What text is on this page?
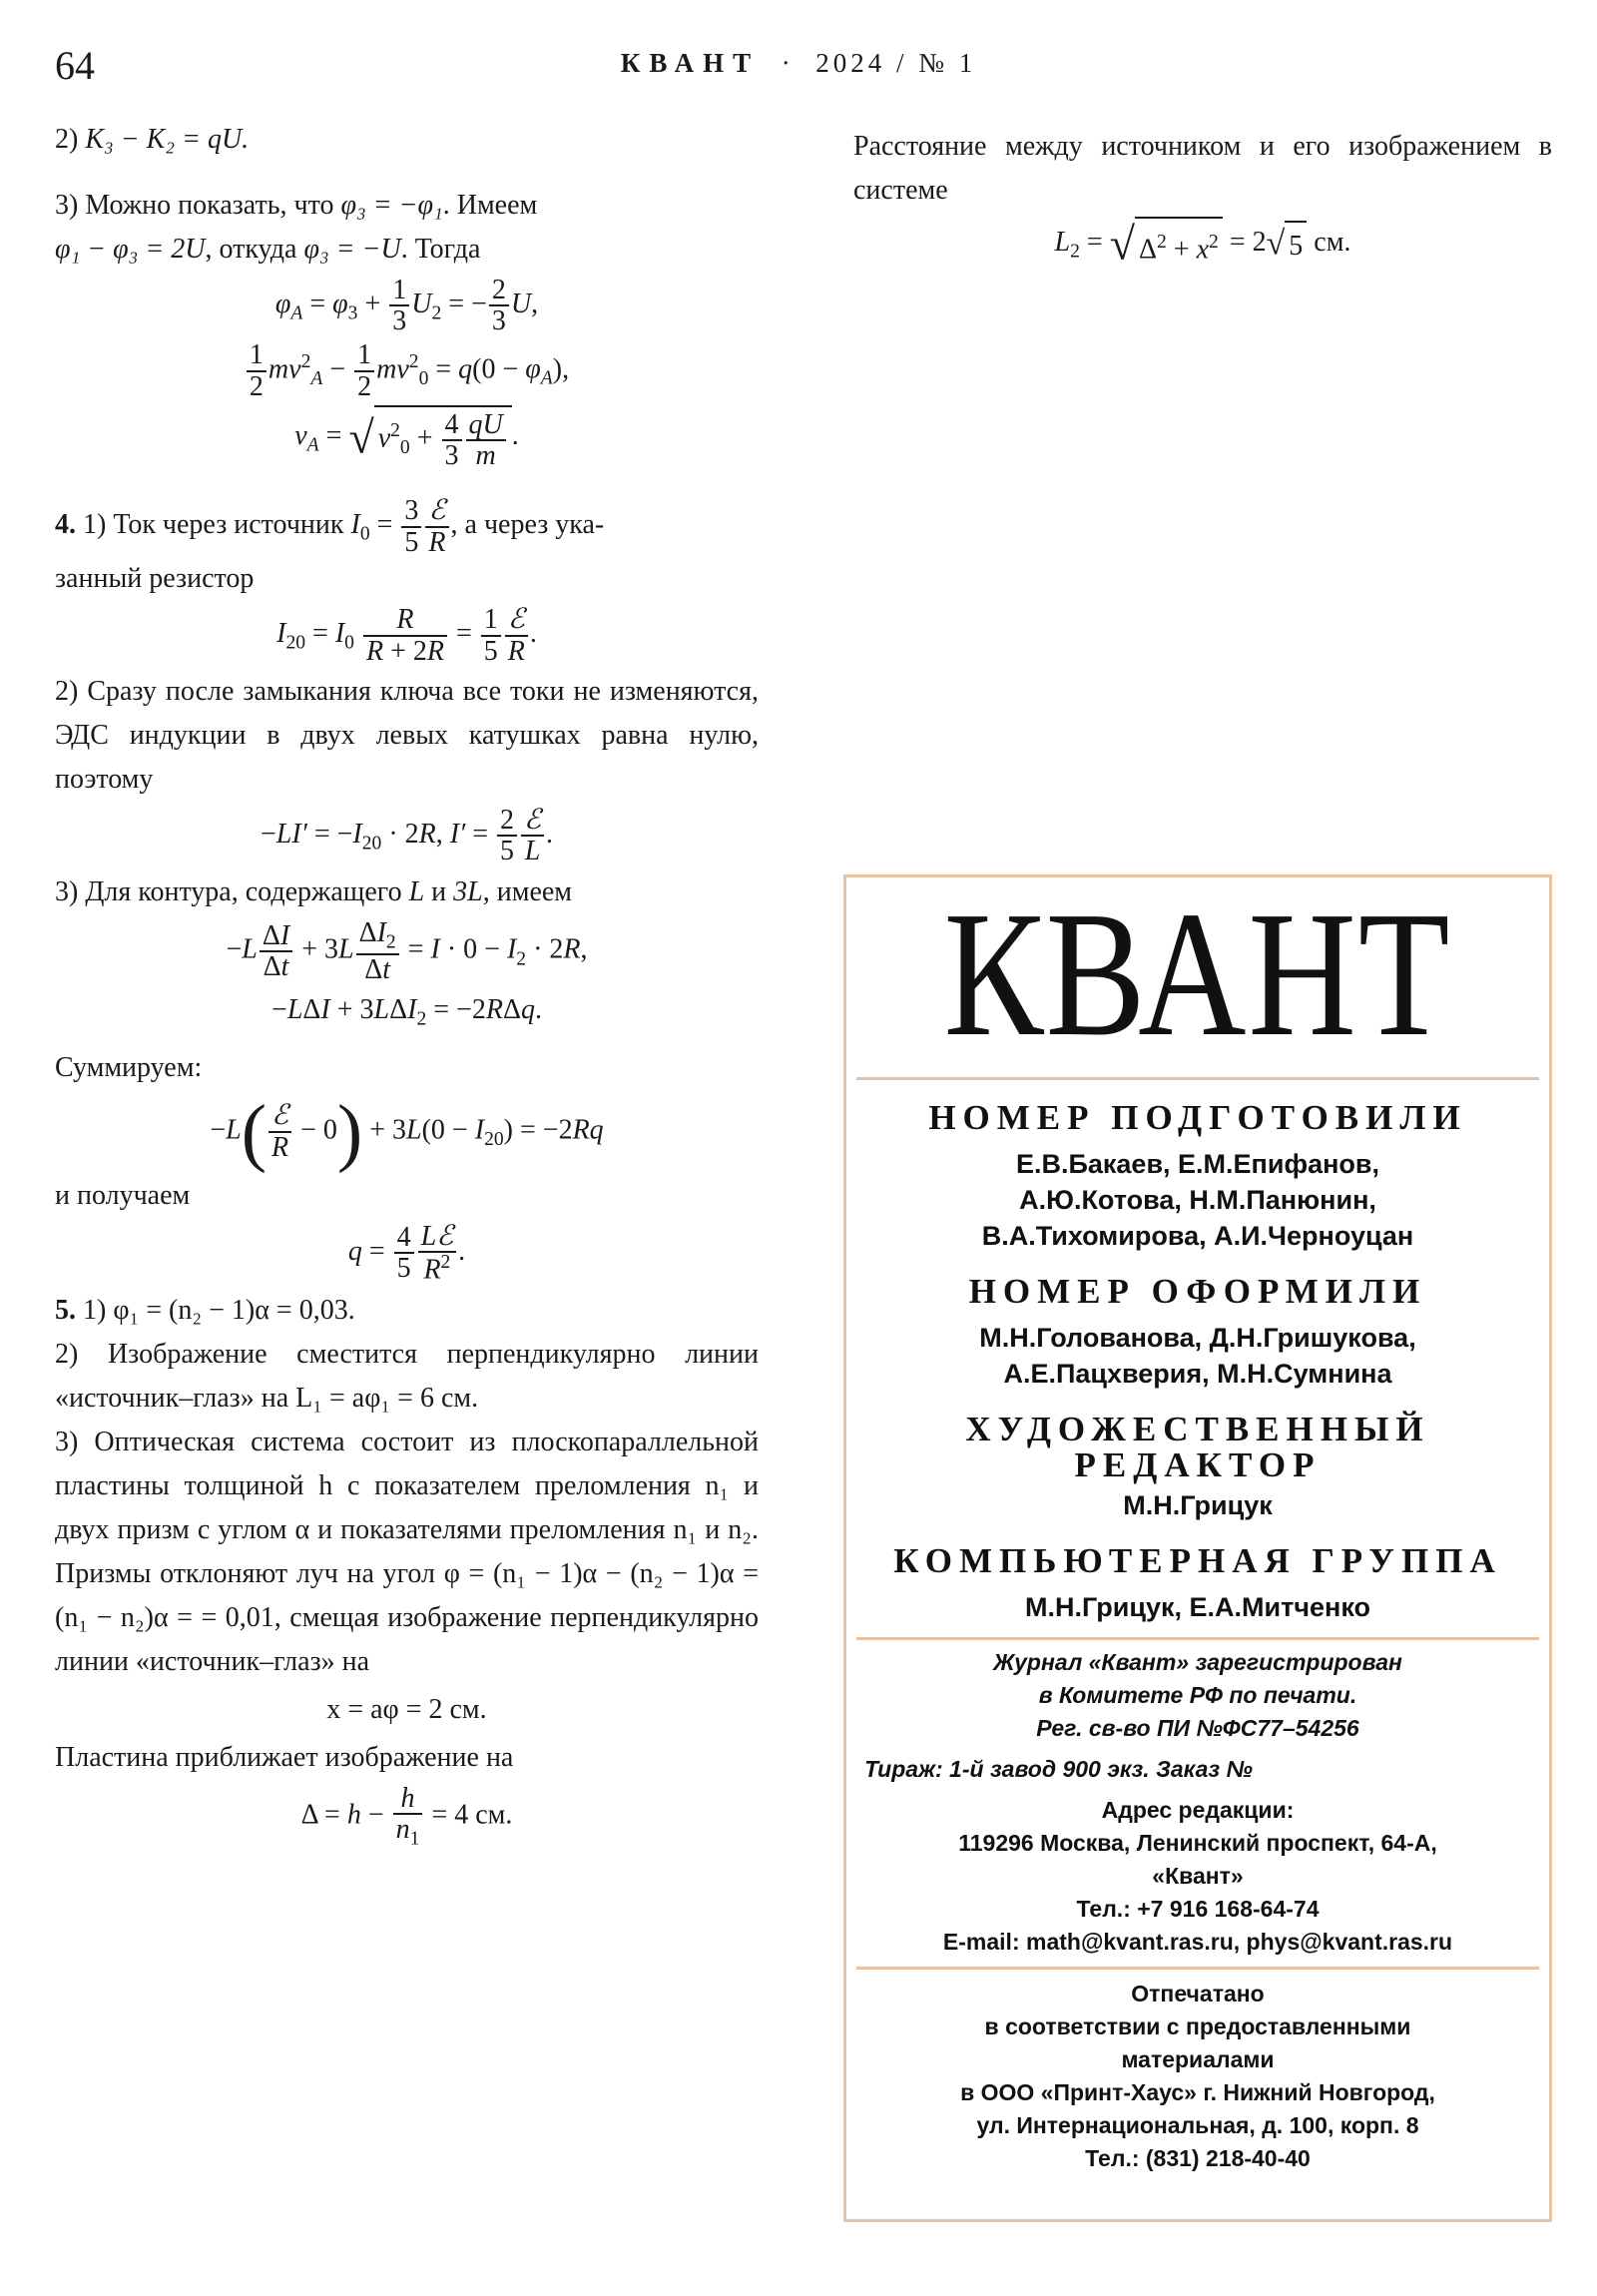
64	КВАНТ · 2024 / № 1

2) K₃ − K₂ = qU.

3) Можно показать, что φ₃ = −φ₁. Имеем
φ₁ − φ₃ = 2U, откуда φ₃ = −U. Тогда

$\varphi_A = \varphi_3 + \frac{1}{3} U_2$ = − $\frac{2}{3} U$,
$\frac{1}{2} mv^2_A - \frac{1}{2} mv^2_0 = q(0 - \varphi_A)$,
$v_A$ = √ $v^2_0 + \frac{4}{3} \frac{qU}{m}$ .

4. 1) Ток через источник $I_0 = \frac{3}{5} \frac{\text{ℰ}}{R}$ , а через ука-
занный резистор

$I_{20} = I_0 \frac{R}{R + 2R} = \frac{1}{5} \frac{\text{ℰ}}{R}$ .

2) Сразу после замыкания ключа все токи не изменяются, ЭДС индукции в двух левых катушках равна нулю, поэтому

$-LI' = -I_{20} \cdot 2R$, $I' = \frac{2}{5} \frac{\text{ℰ}}{L}$ .

3) Для контура, содержащего L и 3L, имеем

$-L \frac{\Delta I}{\Delta t} + 3L \frac{\Delta I_2}{\Delta t} = I \cdot 0 - I_2 \cdot 2R$,
$-L\Delta I + 3L\Delta I_2 = -2R\Delta q$.

Суммируем:

$-L( \frac{\text{ℰ}}{R} - 0) + 3L(0 - I_{20}) = -2Rq$

и получаем

$q = \frac{4}{5} \frac{\text{Lℰ}}{R^2}$ .

5. 1) φ₁ = (n₂ − 1)α = 0,03.

2) Изображение сместится перпендикулярно линии «источник–глаз» на L₁ = aφ₁ = 6 см.

3) Оптическая система состоит из плоскопараллельной пластины толщиной h с показателем преломления n₁ и двух призм с углом α и показателями преломления n₁ и n₂. Призмы отклоняют луч на угол φ = (n₁ − 1)α − (n₂ − 1)α = (n₁ − n₂)α = = 0,01, смещая изображение перпендикулярно линии «источник–глаз» на

x = aφ = 2 см.

Пластина приближает изображение на

$\Delta = h - \frac{h}{n_1} = 4$ см.

Расстояние между источником и его изображением в системе

$L_2$ = √ $\Delta^2 + x^2 = 2√$ 5 см.
КВАНТ
НОМЕР ПОДГОТОВИЛИ
Е.В.Бакаев, Е.М.Епифанов,
А.Ю.Котова, Н.М.Панюнин,
В.А.Тихомирова, А.И.Черноуцан
НОМЕР ОФОРМИЛИ
М.Н.Голованова, Д.Н.Гришукова,
А.Е.Пацхверия, М.Н.Сумнина
ХУДОЖЕСТВЕННЫЙ
РЕДАКТОР
М.Н.Грицук
КОМПЬЮТЕРНАЯ ГРУППА
М.Н.Грицук, Е.А.Митченко
Журнал «Квант» зарегистрирован
в Комитете РФ по печати.
Рег. св-во ПИ №ФС77–54256
Тираж: 1-й завод 900 экз. Заказ №
Адрес редакции:
119296 Москва, Ленинский проспект, 64-А,
«Квант»
Тел.: +7 916 168-64-74
E-mail: math@kvant.ras.ru, phys@kvant.ras.ru
Отпечатано
в соответствии с предоставленными
материалами
в ООО «Принт-Хаус» г. Нижний Новгород,
ул. Интернациональная, д. 100, корп. 8
Тел.: (831) 218-40-40
